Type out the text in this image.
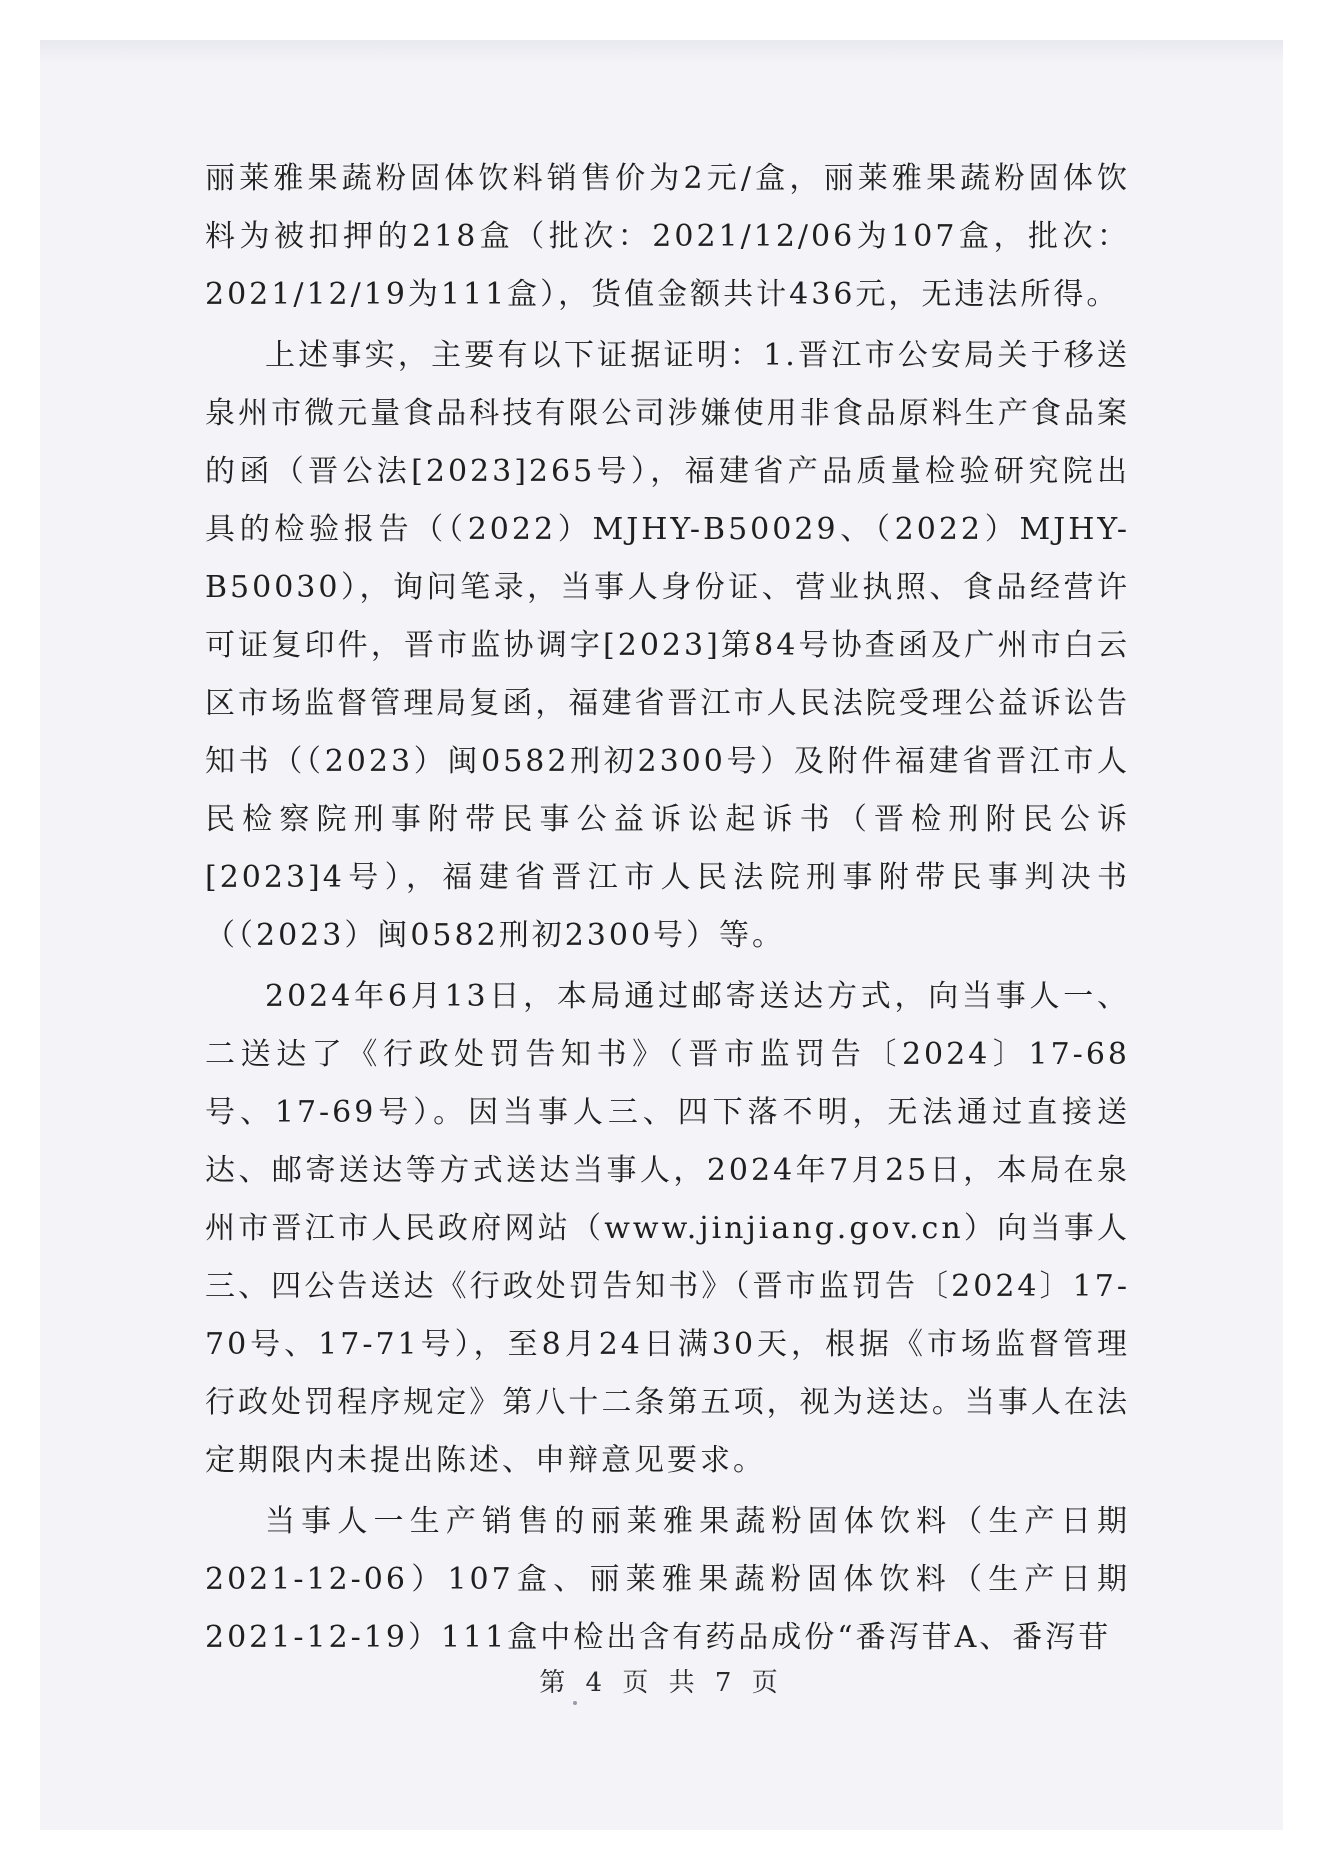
丽莱雅果蔬粉固体饮料销售价为2元/盒，丽莱雅果蔬粉固体饮料为被扣押的218盒（批次：2021/12/06为107盒，批次：2021/12/19为111盒），货值金额共计436元，无违法所得。

上述事实，主要有以下证据证明：1.晋江市公安局关于移送泉州市微元量食品科技有限公司涉嫌使用非食品原料生产食品案的函（晋公法[2023]265号），福建省产品质量检验研究院出具的检验报告（（2022）MJHY-B50029、（2022）MJHY-B50030），询问笔录，当事人身份证、营业执照、食品经营许可证复印件，晋市监协调字[2023]第84号协查函及广州市白云区市场监督管理局复函，福建省晋江市人民法院受理公益诉讼告知书（（2023）闽0582刑初2300号）及附件福建省晋江市人民检察院刑事附带民事公益诉讼起诉书（晋检刑附民公诉[2023]4号），福建省晋江市人民法院刑事附带民事判决书（（2023）闽0582刑初2300号）等。

2024年6月13日，本局通过邮寄送达方式，向当事人一、二送达了《行政处罚告知书》（晋市监罚告〔2024〕17-68号、17-69号）。因当事人三、四下落不明，无法通过直接送达、邮寄送达等方式送达当事人，2024年7月25日，本局在泉州市晋江市人民政府网站（www.jinjiang.gov.cn）向当事人三、四公告送达《行政处罚告知书》（晋市监罚告〔2024〕17-70号、17-71号），至8月24日满30天，根据《市场监督管理行政处罚程序规定》第八十二条第五项，视为送达。当事人在法定期限内未提出陈述、申辩意见要求。

当事人一生产销售的丽莱雅果蔬粉固体饮料（生产日期2021-12-06）107盒、丽莱雅果蔬粉固体饮料（生产日期2021-12-19）111盒中检出含有药品成份“番泻苷A、番泻苷

第 4 页 共 7 页
